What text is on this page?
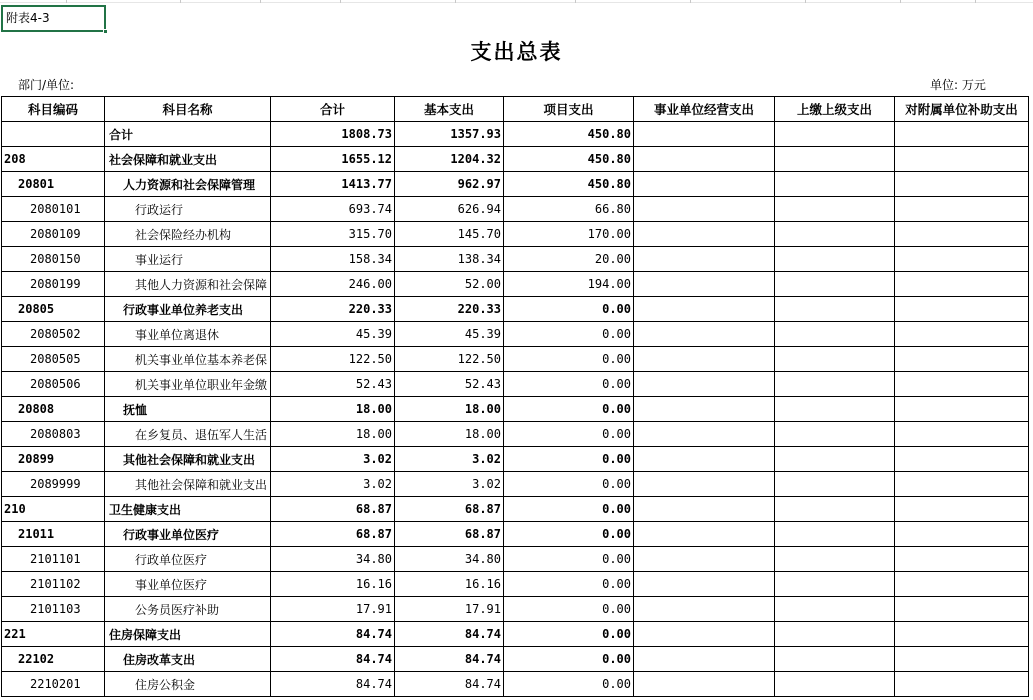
附表4-3
支出总表
部门/单位:	单位: 万元
科目编码	科目名称	合计	基本支出	项目支出	事业单位经营支出	上缴上级支出	对附属单位补助支出
	合计	1808.73	1357.93	450.80			
208	社会保障和就业支出	1655.12	1204.32	450.80			
20801	人力资源和社会保障管理	1413.77	962.97	450.80			
2080101	行政运行	693.74	626.94	66.80			
2080109	社会保险经办机构	315.70	145.70	170.00			
2080150	事业运行	158.34	138.34	20.00			
2080199	其他人力资源和社会保障	246.00	52.00	194.00			
20805	行政事业单位养老支出	220.33	220.33	0.00			
2080502	事业单位离退休	45.39	45.39	0.00			
2080505	机关事业单位基本养老保	122.50	122.50	0.00			
2080506	机关事业单位职业年金缴	52.43	52.43	0.00			
20808	抚恤	18.00	18.00	0.00			
2080803	在乡复员、退伍军人生活	18.00	18.00	0.00			
20899	其他社会保障和就业支出	3.02	3.02	0.00			
2089999	其他社会保障和就业支出	3.02	3.02	0.00			
210	卫生健康支出	68.87	68.87	0.00			
21011	行政事业单位医疗	68.87	68.87	0.00			
2101101	行政单位医疗	34.80	34.80	0.00			
2101102	事业单位医疗	16.16	16.16	0.00			
2101103	公务员医疗补助	17.91	17.91	0.00			
221	住房保障支出	84.74	84.74	0.00			
22102	住房改革支出	84.74	84.74	0.00			
2210201	住房公积金	84.74	84.74	0.00			
